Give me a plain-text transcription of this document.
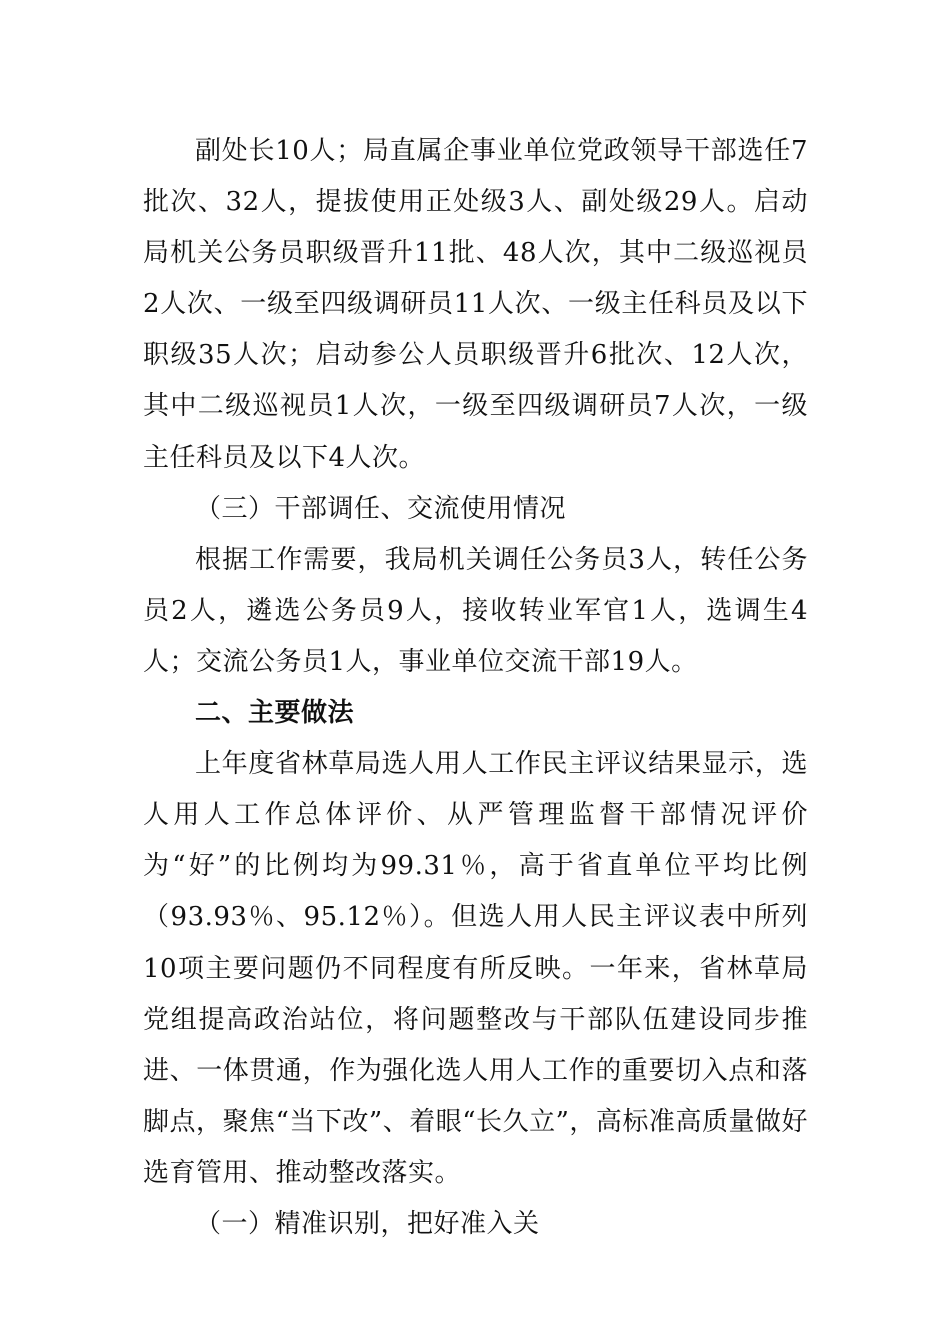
副处长10人；局直属企事业单位党政领导干部选任7批次、32人，提拔使用正处级3人、副处级29人。启动局机关公务员职级晋升11批、48人次，其中二级巡视员2人次、一级至四级调研员11人次、一级主任科员及以下职级35人次；启动参公人员职级晋升6批次、12人次，其中二级巡视员1人次，一级至四级调研员7人次，一级主任科员及以下4人次。

（三）干部调任、交流使用情况

根据工作需要，我局机关调任公务员3人，转任公务员2人，遴选公务员9人，接收转业军官1人，选调生4人；交流公务员1人，事业单位交流干部19人。

二、主要做法

上年度省林草局选人用人工作民主评议结果显示，选人用人工作总体评价、从严管理监督干部情况评价为“好”的比例均为99.31％，高于省直单位平均比例（93.93％、95.12％）。但选人用人民主评议表中所列10项主要问题仍不同程度有所反映。一年来，省林草局党组提高政治站位，将问题整改与干部队伍建设同步推进、一体贯通，作为强化选人用人工作的重要切入点和落脚点，聚焦“当下改”、着眼“长久立”，高标准高质量做好选育管用、推动整改落实。

（一）精准识别，把好准入关
